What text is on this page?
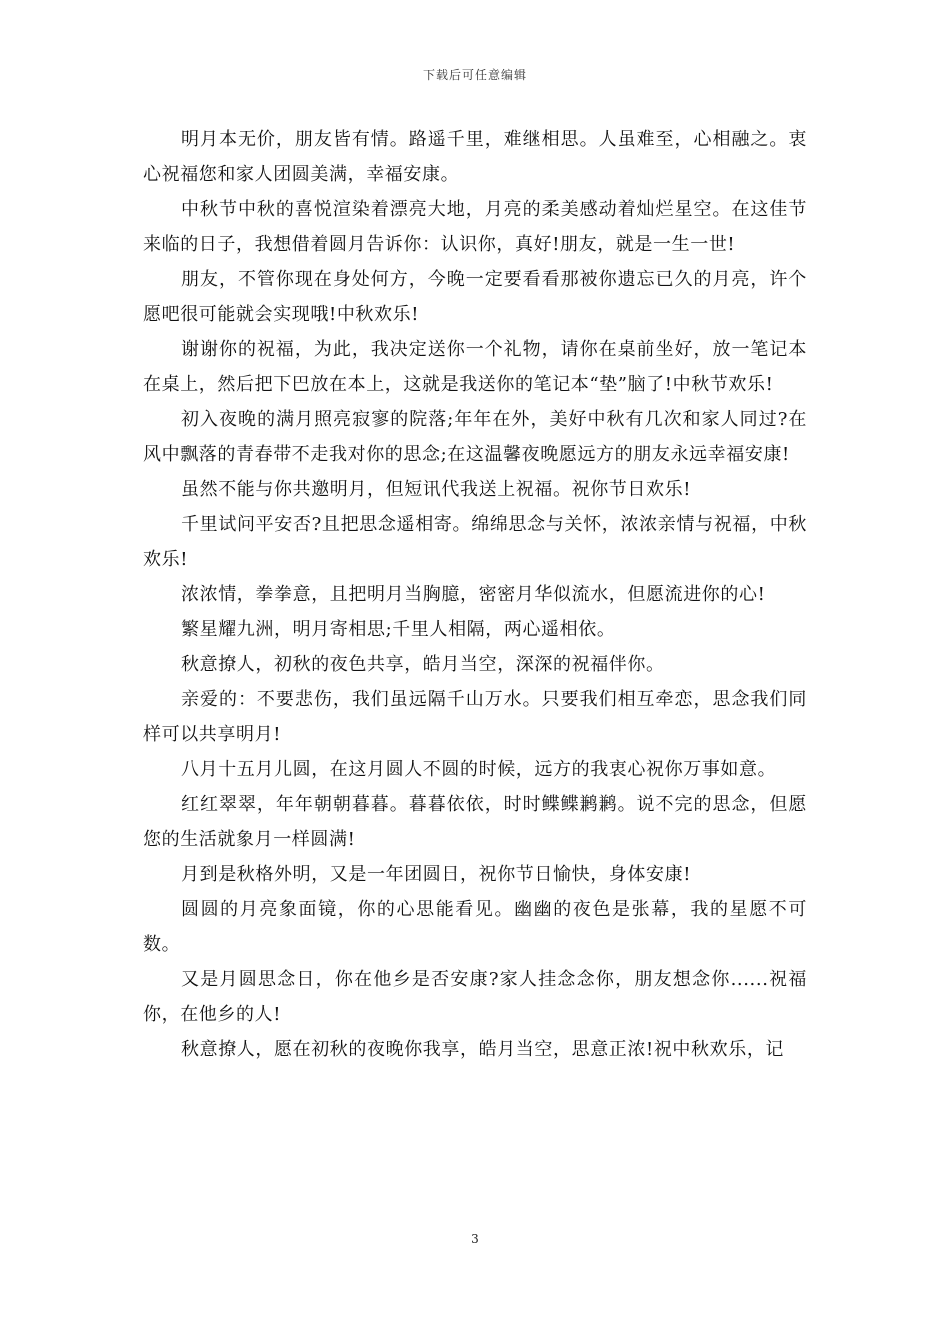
下载后可任意编辑

明月本无价，朋友皆有情。路遥千里，难继相思。人虽难至，心相融之。衷心祝福您和家人团圆美满，幸福安康。

中秋节中秋的喜悦渲染着漂亮大地，月亮的柔美感动着灿烂星空。在这佳节来临的日子，我想借着圆月告诉你：认识你，真好!朋友，就是一生一世!

朋友，不管你现在身处何方，今晚一定要看看那被你遗忘已久的月亮，许个愿吧很可能就会实现哦!中秋欢乐!

谢谢你的祝福，为此，我决定送你一个礼物，请你在桌前坐好，放一笔记本在桌上，然后把下巴放在本上，这就是我送你的笔记本“垫”脑了!中秋节欢乐!

初入夜晚的满月照亮寂寥的院落;年年在外，美好中秋有几次和家人同过?在风中飘落的青春带不走我对你的思念;在这温馨夜晚愿远方的朋友永远幸福安康!

虽然不能与你共邀明月，但短讯代我送上祝福。祝你节日欢乐!

千里试问平安否?且把思念遥相寄。绵绵思念与关怀，浓浓亲情与祝福，中秋欢乐!

浓浓情，拳拳意，且把明月当胸臆，密密月华似流水，但愿流进你的心!

繁星耀九洲，明月寄相思;千里人相隔，两心遥相依。

秋意撩人，初秋的夜色共享，皓月当空，深深的祝福伴你。

亲爱的：不要悲伤，我们虽远隔千山万水。只要我们相互牵恋，思念我们同样可以共享明月!

八月十五月儿圆，在这月圆人不圆的时候，远方的我衷心祝你万事如意。

红红翠翠，年年朝朝暮暮。暮暮依依，时时鲽鲽鹣鹣。说不完的思念，但愿您的生活就象月一样圆满!

月到是秋格外明，又是一年团圆日，祝你节日愉快，身体安康!

圆圆的月亮象面镜，你的心思能看见。幽幽的夜色是张幕，我的星愿不可数。

又是月圆思念日，你在他乡是否安康?家人挂念念你，朋友想念你......祝福你，在他乡的人!

秋意撩人，愿在初秋的夜晚你我享，皓月当空，思意正浓!祝中秋欢乐，记

3
